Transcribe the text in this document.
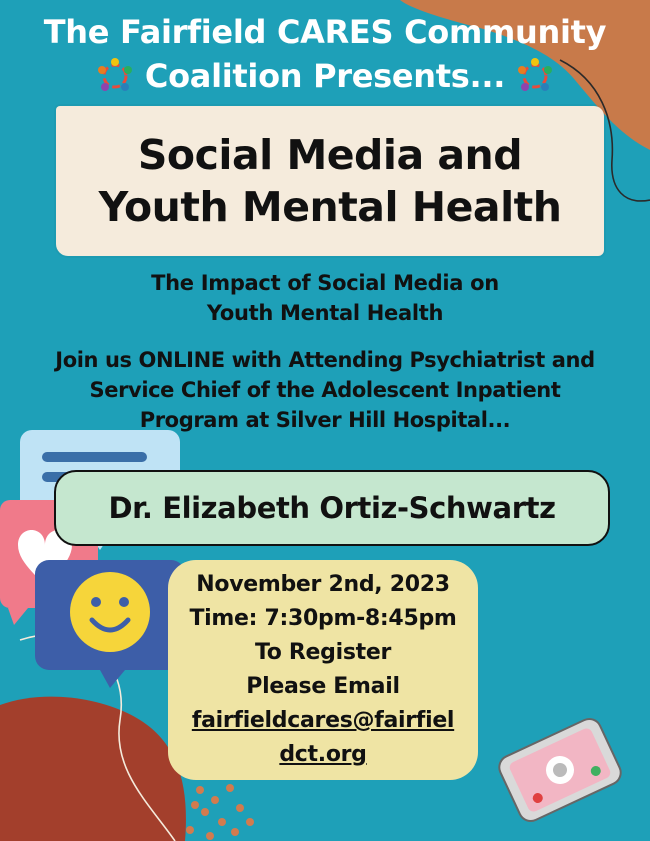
The Fairfield CARES Community
Coalition Presents...
Social Media and
Youth Mental Health
The Impact of Social Media on
Youth Mental Health
Join us ONLINE with Attending Psychiatrist and
Service Chief of the Adolescent Inpatient
Program at Silver Hill Hospital...
Dr. Elizabeth Ortiz-Schwartz
November 2nd, 2023
Time: 7:30pm-8:45pm
To Register
Please Email
fairfieldcares@fairfiel
dct.org
